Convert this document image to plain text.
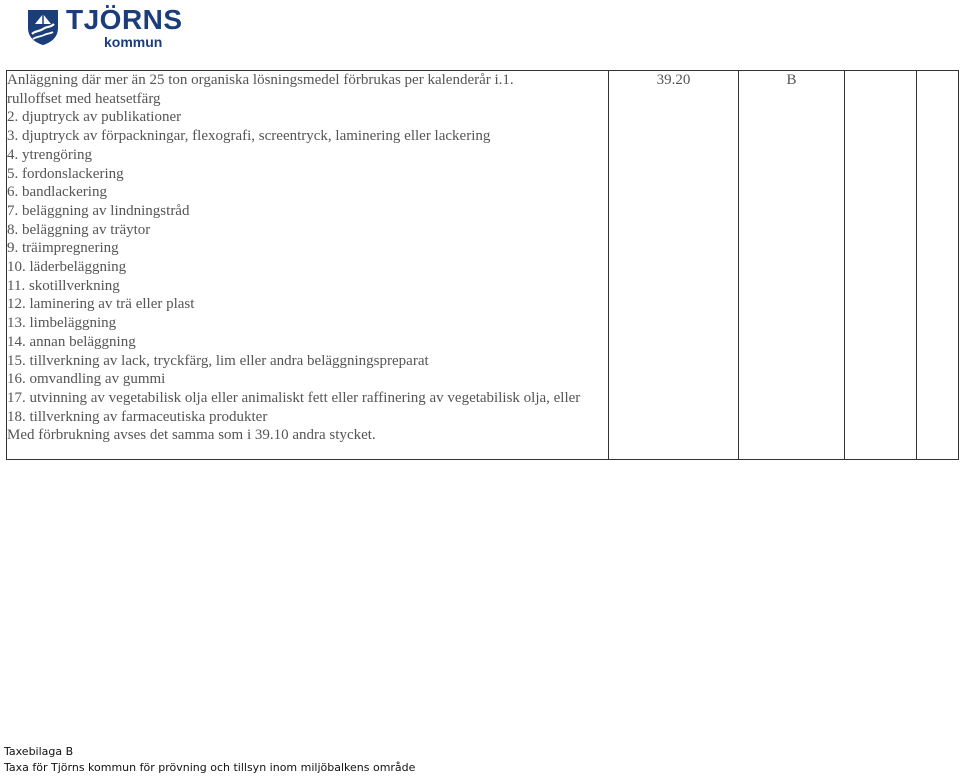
TJÖRNS
kommun
Anläggning där mer än 25 ton organiska lösningsmedel förbrukas per kalenderår i.1.
rulloffset med heatsetfärg
2. djuptryck av publikationer
3. djuptryck av förpackningar, flexografi, screentryck, laminering eller lackering
4. ytrengöring
5. fordonslackering
6. bandlackering
7. beläggning av lindningstråd
8. beläggning av träytor
9. träimpregnering
10. läderbeläggning
11. skotillverkning
12. laminering av trä eller plast
13. limbeläggning
14. annan beläggning
15. tillverkning av lack, tryckfärg, lim eller andra beläggningspreparat
16. omvandling av gummi
17. utvinning av vegetabilisk olja eller animaliskt fett eller raffinering av vegetabilisk olja, eller
18. tillverkning av farmaceutiska produkter
Med förbrukning avses det samma som i 39.10 andra stycket.
	39.20	B		
Taxebilaga B
Taxa för Tjörns kommun för prövning och tillsyn inom miljöbalkens område
